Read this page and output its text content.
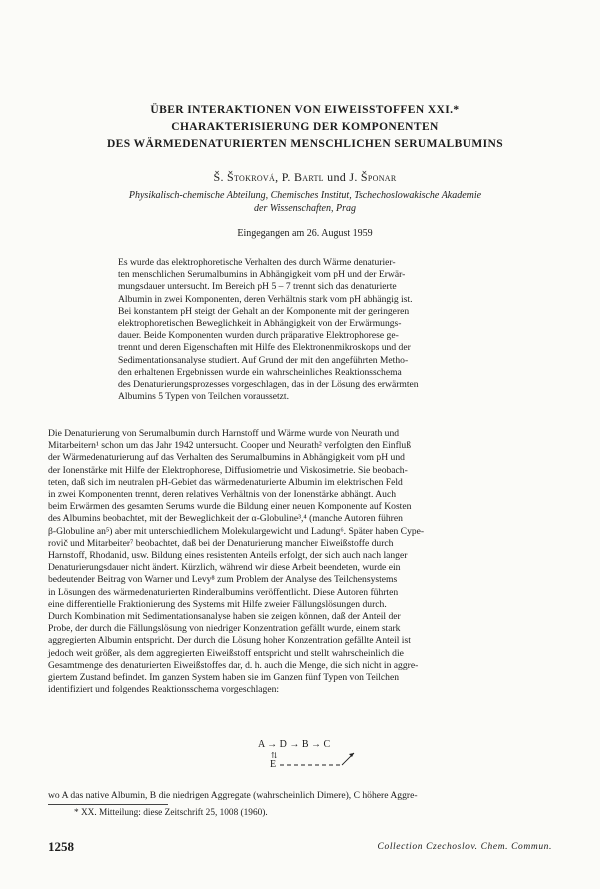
ÜBER INTERAKTIONEN VON EIWEISSTOFFEN XXI.*
CHARAKTERISIERUNG DER KOMPONENTEN
DES WÄRMEDENATURIERTEN MENSCHLICHEN SERUMALBUMINS
Š. Štokrová, P. Bartl und J. Šponar
Physikalisch-chemische Abteilung, Chemisches Institut, Tschechoslowakische Akademie
der Wissenschaften, Prag
Eingegangen am 26. August 1959
Es wurde das elektrophoretische Verhalten des durch Wärme denaturier-
ten menschlichen Serumalbumins in Abhängigkeit vom pH und der Erwär-
mungsdauer untersucht. Im Bereich pH 5 – 7 trennt sich das denaturierte
Albumin in zwei Komponenten, deren Verhältnis stark vom pH abhängig ist.
Bei konstantem pH steigt der Gehalt an der Komponente mit der geringeren
elektrophoretischen Beweglichkeit in Abhängigkeit von der Erwärmungs-
dauer. Beide Komponenten wurden durch präparative Elektrophorese ge-
trennt und deren Eigenschaften mit Hilfe des Elektronenmikroskops und der
Sedimentationsanalyse studiert. Auf Grund der mit den angeführten Metho-
den erhaltenen Ergebnissen wurde ein wahrscheinliches Reaktionsschema
des Denaturierungsprozesses vorgeschlagen, das in der Lösung des erwärmten
Albumins 5 Typen von Teilchen voraussetzt.
Die Denaturierung von Serumalbumin durch Harnstoff und Wärme wurde von Neurath und
Mitarbeitern¹ schon um das Jahr 1942 untersucht. Cooper und Neurath² verfolgten den Einfluß
der Wärmedenaturierung auf das Verhalten des Serumalbumins in Abhängigkeit vom pH und
der Ionenstärke mit Hilfe der Elektrophorese, Diffusiometrie und Viskosimetrie. Sie beobach-
teten, daß sich im neutralen pH-Gebiet das wärmedenaturierte Albumin im elektrischen Feld
in zwei Komponenten trennt, deren relatives Verhältnis von der Ionenstärke abhängt. Auch
beim Erwärmen des gesamten Serums wurde die Bildung einer neuen Komponente auf Kosten
des Albumins beobachtet, mit der Beweglichkeit der α-Globuline³,⁴ (manche Autoren führen
β-Globuline an⁵) aber mit unterschiedlichem Molekulargewicht und Ladung⁶. Später haben Cype-
rovič und Mitarbeiter⁷ beobachtet, daß bei der Denaturierung mancher Eiweißstoffe durch
Harnstoff, Rhodanid, usw. Bildung eines resistenten Anteils erfolgt, der sich auch nach langer
Denaturierungsdauer nicht ändert. Kürzlich, während wir diese Arbeit beendeten, wurde ein
bedeutender Beitrag von Warner und Levy⁸ zum Problem der Analyse des Teilchensystems
in Lösungen des wärmedenaturierten Rinderalbumins veröffentlicht. Diese Autoren führten
eine differentielle Fraktionierung des Systems mit Hilfe zweier Fällungslösungen durch.
Durch Kombination mit Sedimentationsanalyse haben sie zeigen können, daß der Anteil der
Probe, der durch die Fällungslösung von niedriger Konzentration gefällt wurde, einem stark
aggregierten Albumin entspricht. Der durch die Lösung hoher Konzentration gefällte Anteil ist
jedoch weit größer, als dem aggregierten Eiweißstoff entspricht und stellt wahrscheinlich die
Gesamtmenge des denaturierten Eiweißstoffes dar, d. h. auch die Menge, die sich nicht in aggre-
giertem Zustand befindet. Im ganzen System haben sie im Ganzen fünf Typen von Teilchen
identifiziert und folgendes Reaktionsschema vorgeschlagen:
A → D → B → C
⇅
E
wo A das native Albumin, B die niedrigen Aggregate (wahrscheinlich Dimere), C höhere Aggre-
* XX. Mitteilung: diese Zeitschrift 25, 1008 (1960).
1258	Collection Czechoslov. Chem. Commun.
